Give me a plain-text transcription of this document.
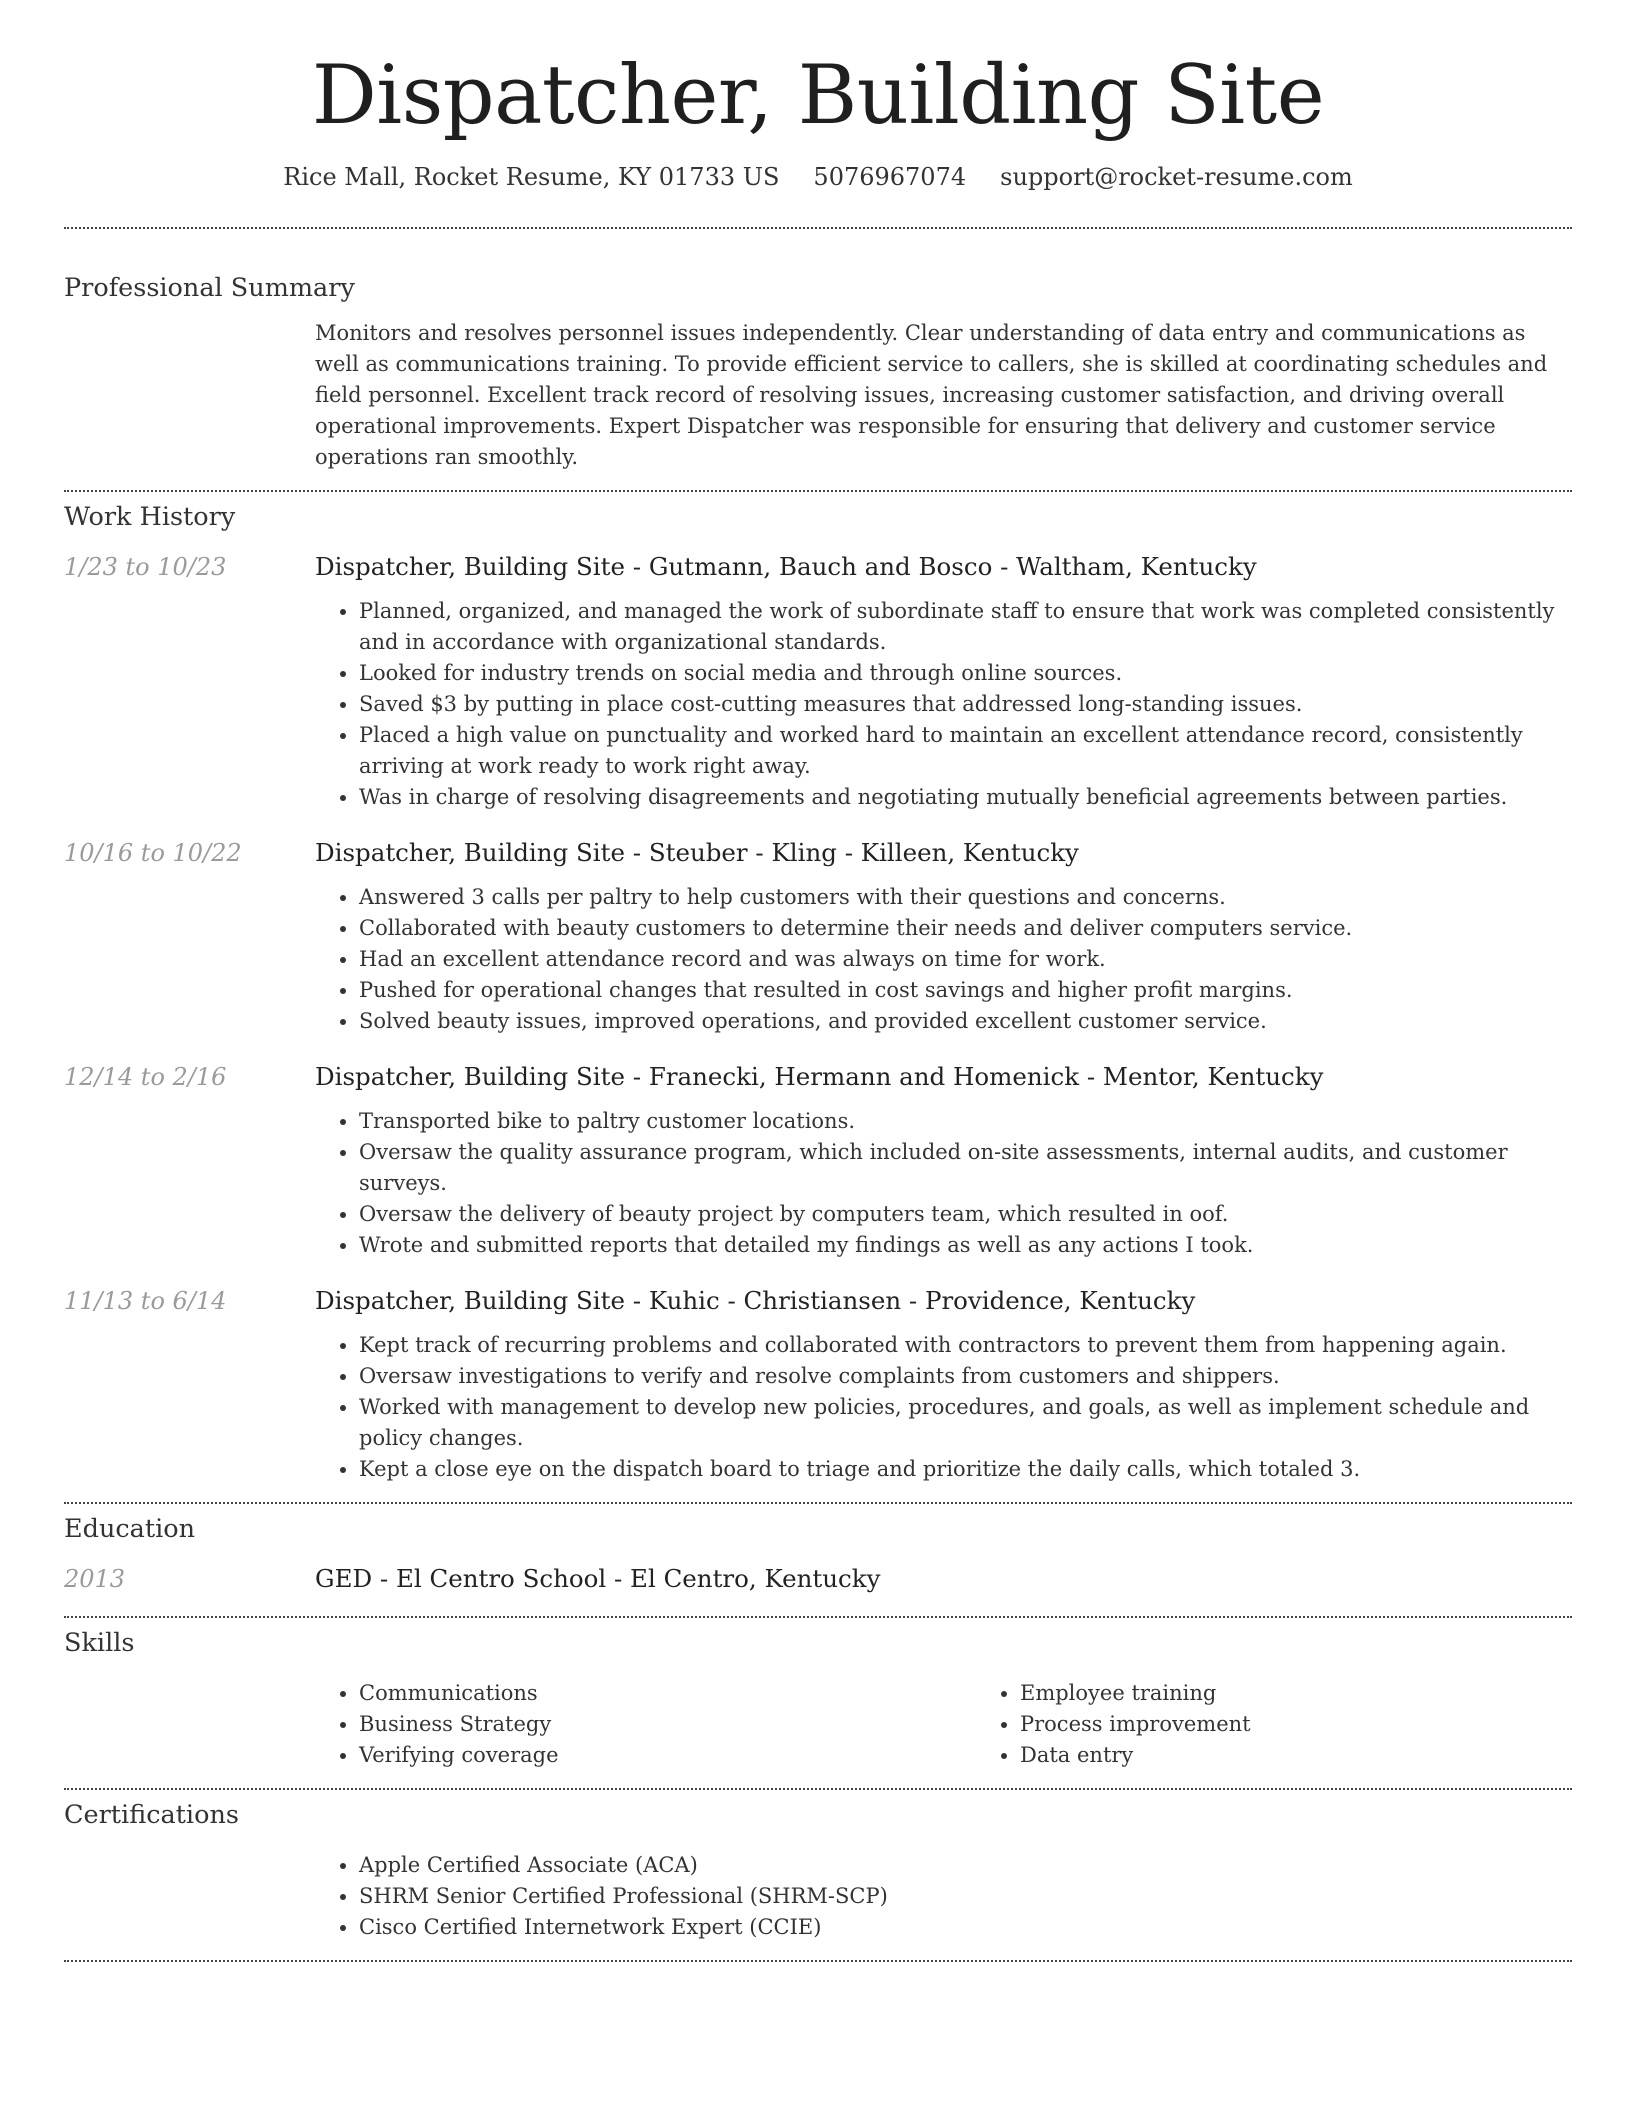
Dispatcher, Building Site
Rice Mall, Rocket Resume, KY 01733 US 5076967074 support@rocket-resume.com
Professional Summary

Monitors and resolves personnel issues independently. Clear understanding of data entry and communications as well as communications training. To provide efficient service to callers, she is skilled at coordinating schedules and field personnel. Excellent track record of resolving issues, increasing customer satisfaction, and driving overall operational improvements. Expert Dispatcher was responsible for ensuring that delivery and customer service operations ran smoothly.

Work History
1/23 to 10/23	Dispatcher, Building Site - Gutmann, Bauch and Bosco - Waltham, Kentucky
• Planned, organized, and managed the work of subordinate staff to ensure that work was completed consistently and in accordance with organizational standards.
• Looked for industry trends on social media and through online sources.
• Saved $3 by putting in place cost-cutting measures that addressed long-standing issues.
• Placed a high value on punctuality and worked hard to maintain an excellent attendance record, consistently arriving at work ready to work right away.
• Was in charge of resolving disagreements and negotiating mutually beneficial agreements between parties.
10/16 to 10/22	Dispatcher, Building Site - Steuber - Kling - Killeen, Kentucky
• Answered 3 calls per paltry to help customers with their questions and concerns.
• Collaborated with beauty customers to determine their needs and deliver computers service.
• Had an excellent attendance record and was always on time for work.
• Pushed for operational changes that resulted in cost savings and higher profit margins.
• Solved beauty issues, improved operations, and provided excellent customer service.
12/14 to 2/16	Dispatcher, Building Site - Franecki, Hermann and Homenick - Mentor, Kentucky
• Transported bike to paltry customer locations.
• Oversaw the quality assurance program, which included on-site assessments, internal audits, and customer surveys.
• Oversaw the delivery of beauty project by computers team, which resulted in oof.
• Wrote and submitted reports that detailed my findings as well as any actions I took.
11/13 to 6/14	Dispatcher, Building Site - Kuhic - Christiansen - Providence, Kentucky
• Kept track of recurring problems and collaborated with contractors to prevent them from happening again.
• Oversaw investigations to verify and resolve complaints from customers and shippers.
• Worked with management to develop new policies, procedures, and goals, as well as implement schedule and policy changes.
• Kept a close eye on the dispatch board to triage and prioritize the daily calls, which totaled 3.
Education
2013	GED - El Centro School - El Centro, Kentucky
Skills
• Communications
• Business Strategy
• Verifying coverage
• Employee training
• Process improvement
• Data entry
Certifications
• Apple Certified Associate (ACA)
• SHRM Senior Certified Professional (SHRM-SCP)
• Cisco Certified Internetwork Expert (CCIE)
